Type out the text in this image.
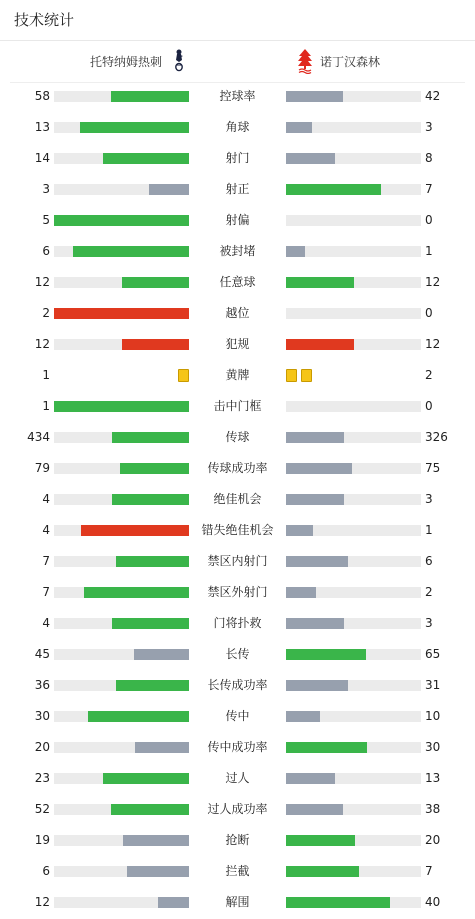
技术统计
托特纳姆热刺	诺丁汉森林
58	控球率	42
13	角球	3
14	射门	8
3	射正	7
5	射偏	0
6	被封堵	1
12	任意球	12
2	越位	0
12	犯规	12
1	黄牌	2
1	击中门框	0
434	传球	326
79	传球成功率	75
4	绝佳机会	3
4	错失绝佳机会	1
7	禁区内射门	6
7	禁区外射门	2
4	门将扑救	3
45	长传	65
36	长传成功率	31
30	传中	10
20	传中成功率	30
23	过人	13
52	过人成功率	38
19	抢断	20
6	拦截	7
12	解围	40
